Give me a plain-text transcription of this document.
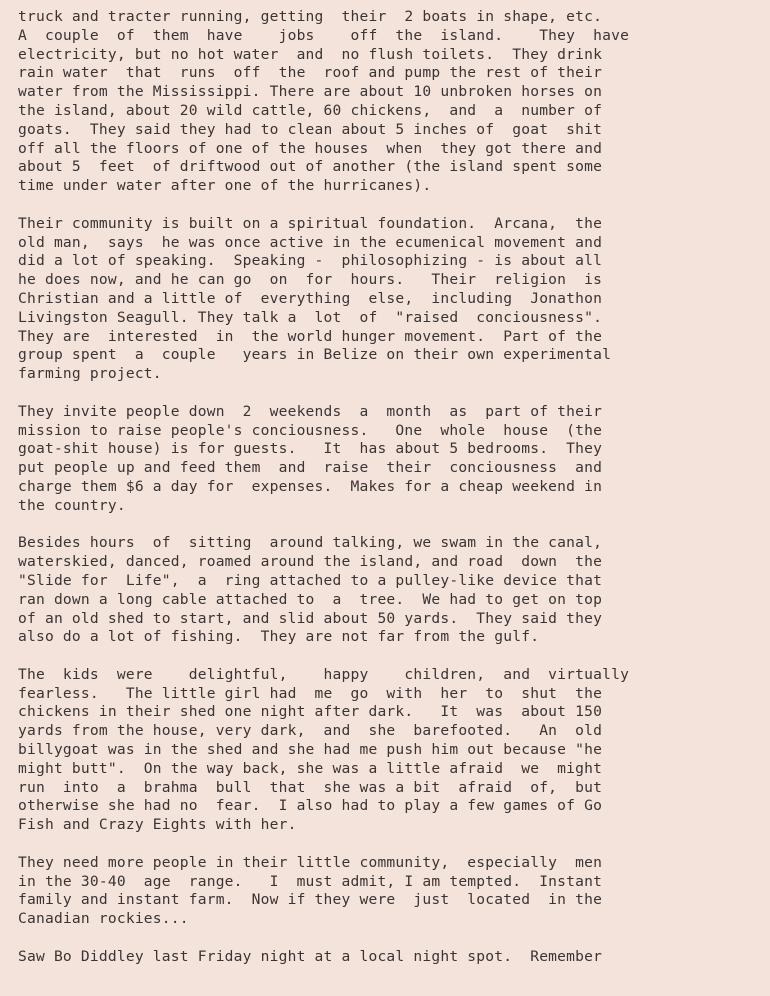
truck and tracter running, getting  their  2 boats in shape, etc.
A  couple  of  them  have    jobs    off  the  island.    They  have
electricity, but no hot water  and  no flush toilets.  They drink
rain water  that  runs  off  the  roof and pump the rest of their
water from the Mississippi. There are about 10 unbroken horses on
the island, about 20 wild cattle, 60 chickens,  and  a  number of
goats.  They said they had to clean about 5 inches of  goat  shit
off all the floors of one of the houses  when  they got there and
about 5  feet  of driftwood out of another (the island spent some
time under water after one of the hurricanes).
Their community is built on a spiritual foundation.  Arcana,  the
old man,  says  he was once active in the ecumenical movement and
did a lot of speaking.  Speaking -  philosophizing - is about all
he does now, and he can go  on  for  hours.   Their  religion  is
Christian and a little of  everything  else,  including  Jonathon
Livingston Seagull. They talk a  lot  of  "raised  conciousness".
They are  interested  in  the world hunger movement.  Part of the
group spent  a  couple   years in Belize on their own experimental
farming project.
They invite people down  2  weekends  a  month  as  part of their
mission to raise people's conciousness.   One  whole  house  (the
goat-shit house) is for guests.   It  has about 5 bedrooms.  They
put people up and feed them  and  raise  their  conciousness  and
charge them $6 a day for  expenses.  Makes for a cheap weekend in
the country.
Besides hours  of  sitting  around talking, we swam in the canal,
waterskied, danced, roamed around the island, and road  down  the
"Slide for  Life",  a  ring attached to a pulley-like device that
ran down a long cable attached to  a  tree.  We had to get on top
of an old shed to start, and slid about 50 yards.  They said they
also do a lot of fishing.  They are not far from the gulf.
The  kids  were    delightful,    happy    children,  and  virtually
fearless.   The little girl had  me  go  with  her  to  shut  the
chickens in their shed one night after dark.   It  was  about 150
yards from the house, very dark,  and  she  barefooted.   An  old
billygoat was in the shed and she had me push him out because "he
might butt".  On the way back, she was a little afraid  we  might
run  into  a  brahma  bull  that  she was a bit  afraid  of,  but
otherwise she had no  fear.  I also had to play a few games of Go
Fish and Crazy Eights with her.
They need more people in their little community,  especially  men
in the 30-40  age  range.   I  must admit, I am tempted.  Instant
family and instant farm.  Now if they were  just  located  in the
Canadian rockies...
Saw Bo Diddley last Friday night at a local night spot.  Remember
